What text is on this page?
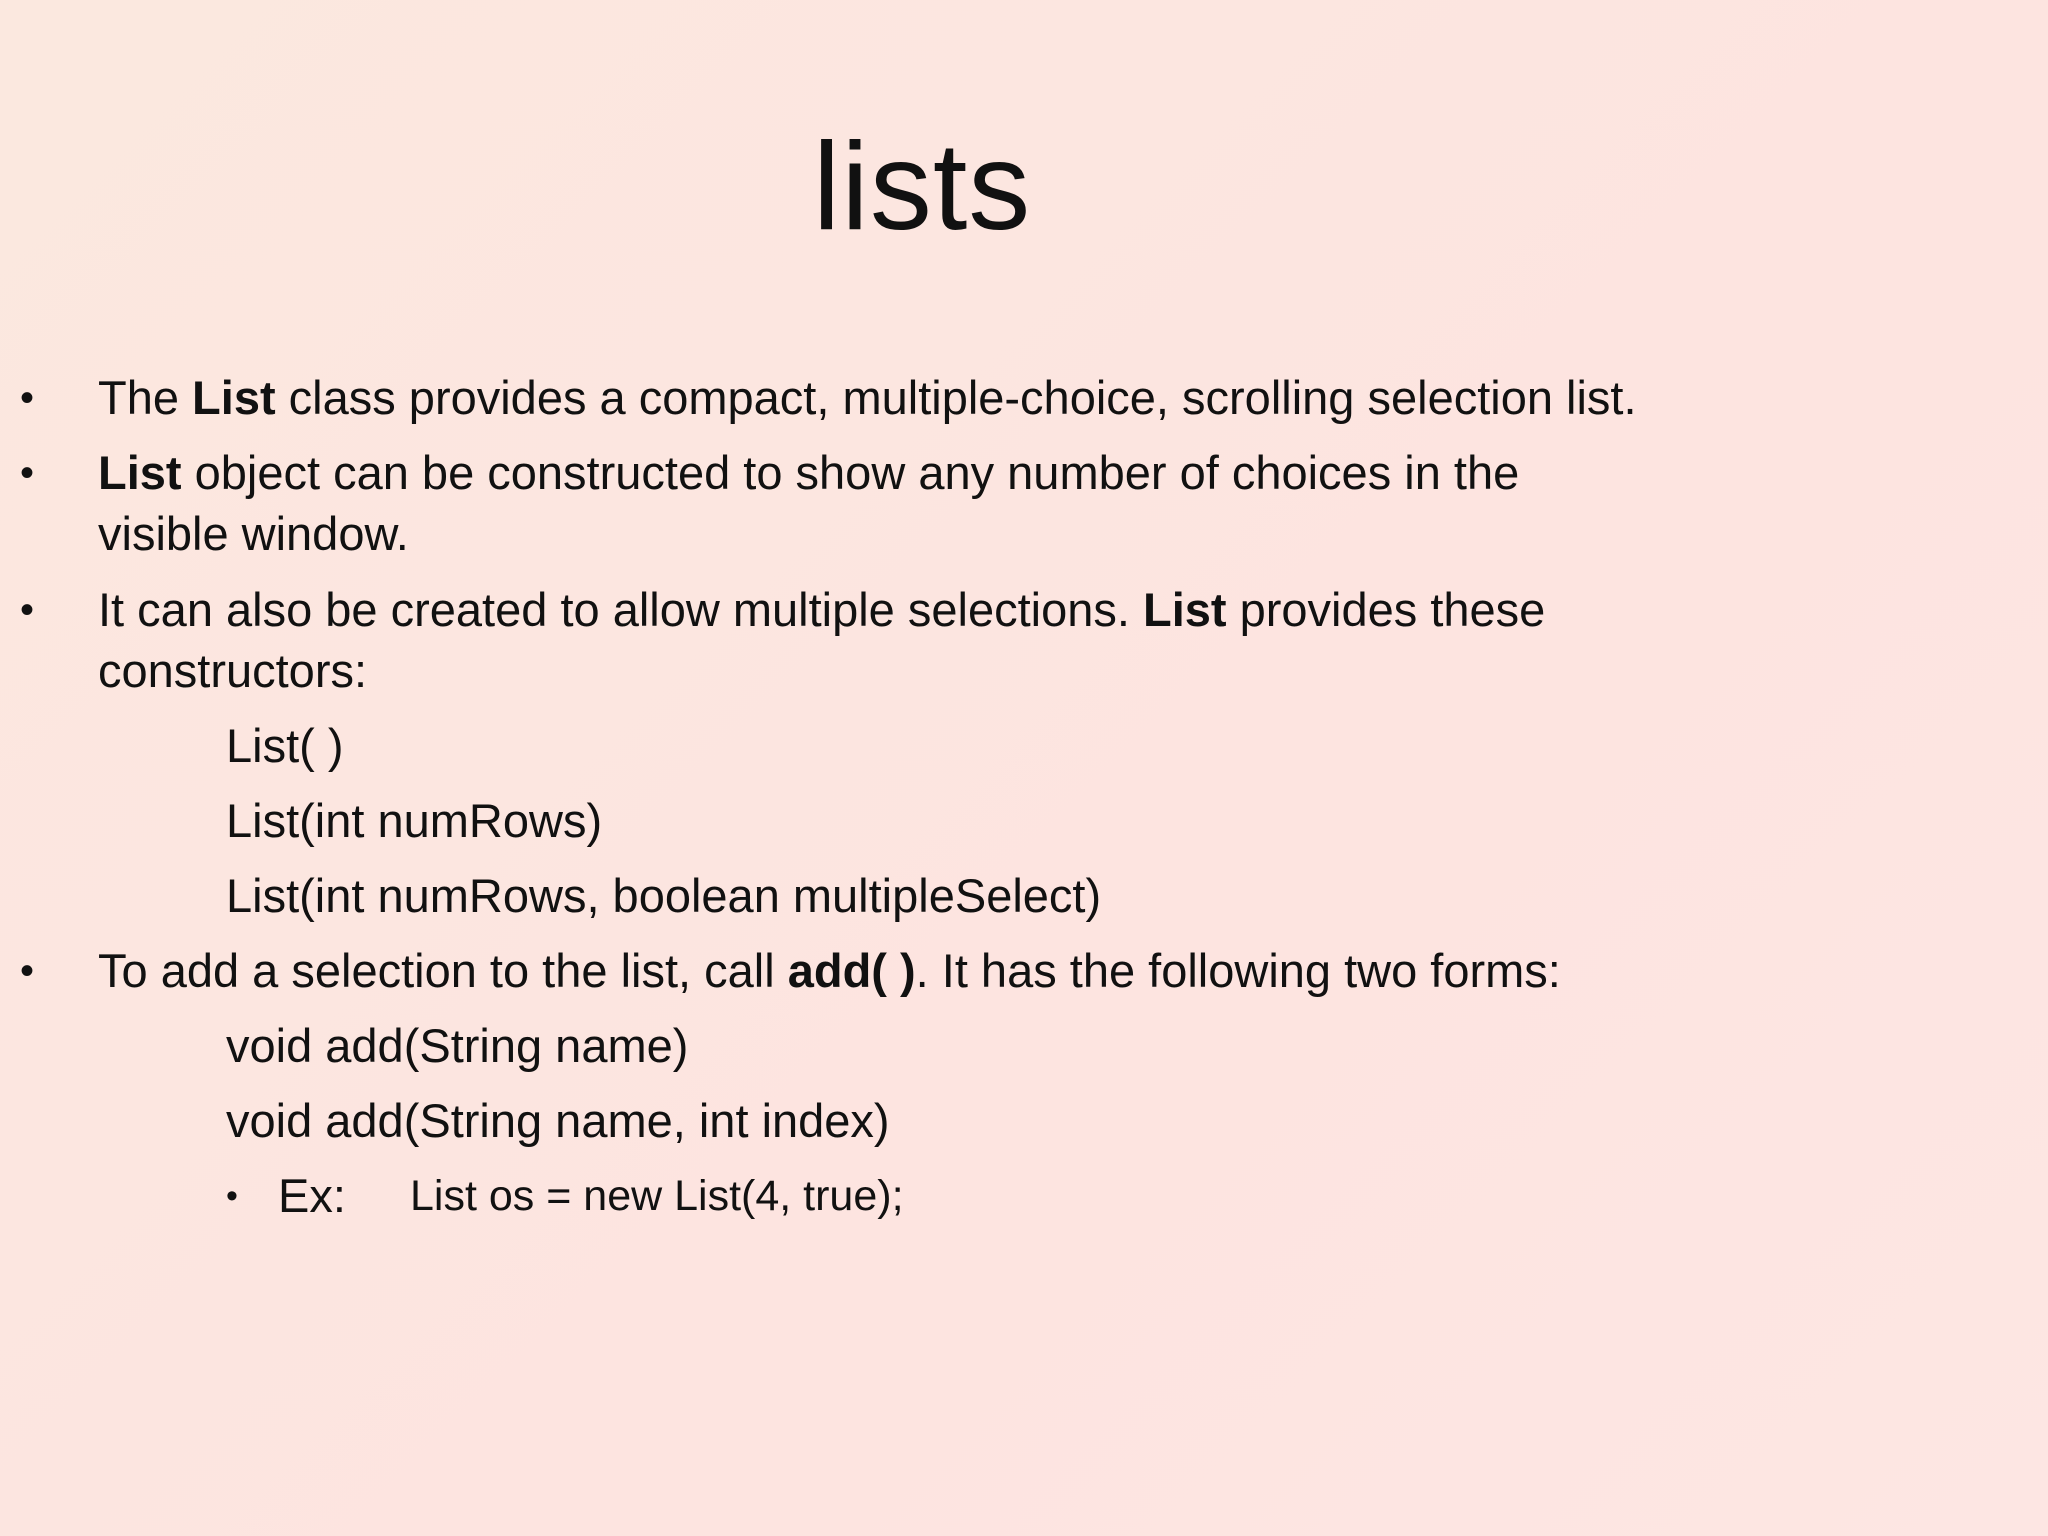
lists
• The List class provides a compact, multiple-choice, scrolling selection list.
• List object can be constructed to show any number of choices in the
visible window.
• It can also be created to allow multiple selections. List provides these
constructors:
List( )
List(int numRows)
List(int numRows, boolean multipleSelect)
• To add a selection to the list, call add( ). It has the following two forms:
void add(String name)
void add(String name, int index)
• Ex: List os = new List(4, true);
